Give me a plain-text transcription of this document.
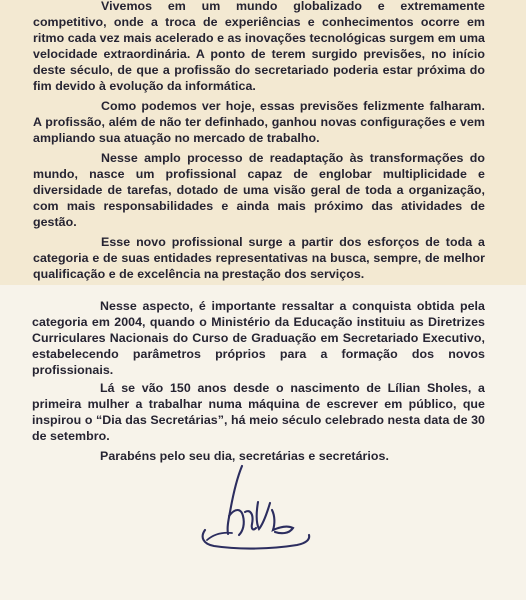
Vivemos em um mundo globalizado e extremamente competitivo, onde a troca de experiências e conhecimentos ocorre em ritmo cada vez mais acelerado e as inovações tecnológicas surgem em uma velocidade extraordinária. A ponto de terem surgido previsões, no início deste século, de que a profissão do secretariado poderia estar próxima do fim devido à evolução da informática.

Como podemos ver hoje, essas previsões felizmente falharam. A profissão, além de não ter definhado, ganhou novas configurações e vem ampliando sua atuação no mercado de trabalho.

Nesse amplo processo de readaptação às transformações do mundo, nasce um profissional capaz de englobar multiplicidade e diversidade de tarefas, dotado de uma visão geral de toda a organização, com mais responsabilidades e ainda mais próximo das atividades de gestão.

Esse novo profissional surge a partir dos esforços de toda a categoria e de suas entidades representativas na busca, sempre, de melhor qualificação e de excelência na prestação dos serviços.

Nesse aspecto, é importante ressaltar a conquista obtida pela categoria em 2004, quando o Ministério da Educação instituiu as Diretrizes Curriculares Nacionais do Curso de Graduação em Secretariado Executivo, estabelecendo parâmetros próprios para a formação dos novos profissionais.

Lá se vão 150 anos desde o nascimento de Lílian Sholes, a primeira mulher a trabalhar numa máquina de escrever em público, que inspirou o “Dia das Secretárias”, há meio século celebrado nesta data de 30 de setembro.

Parabéns pelo seu dia, secretárias e secretários.
